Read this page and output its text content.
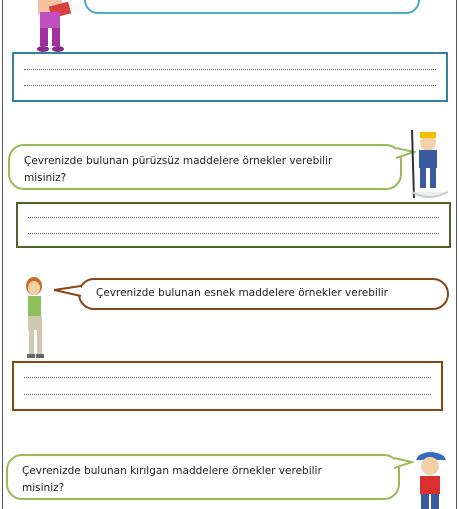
Çevrenizde bulunan pürüzsüz maddelere örnekler verebilir
misiniz?
Çevrenizde bulunan esnek maddelere örnekler verebilir
Çevrenizde bulunan kırılgan maddelere örnekler verebilir
misiniz?
